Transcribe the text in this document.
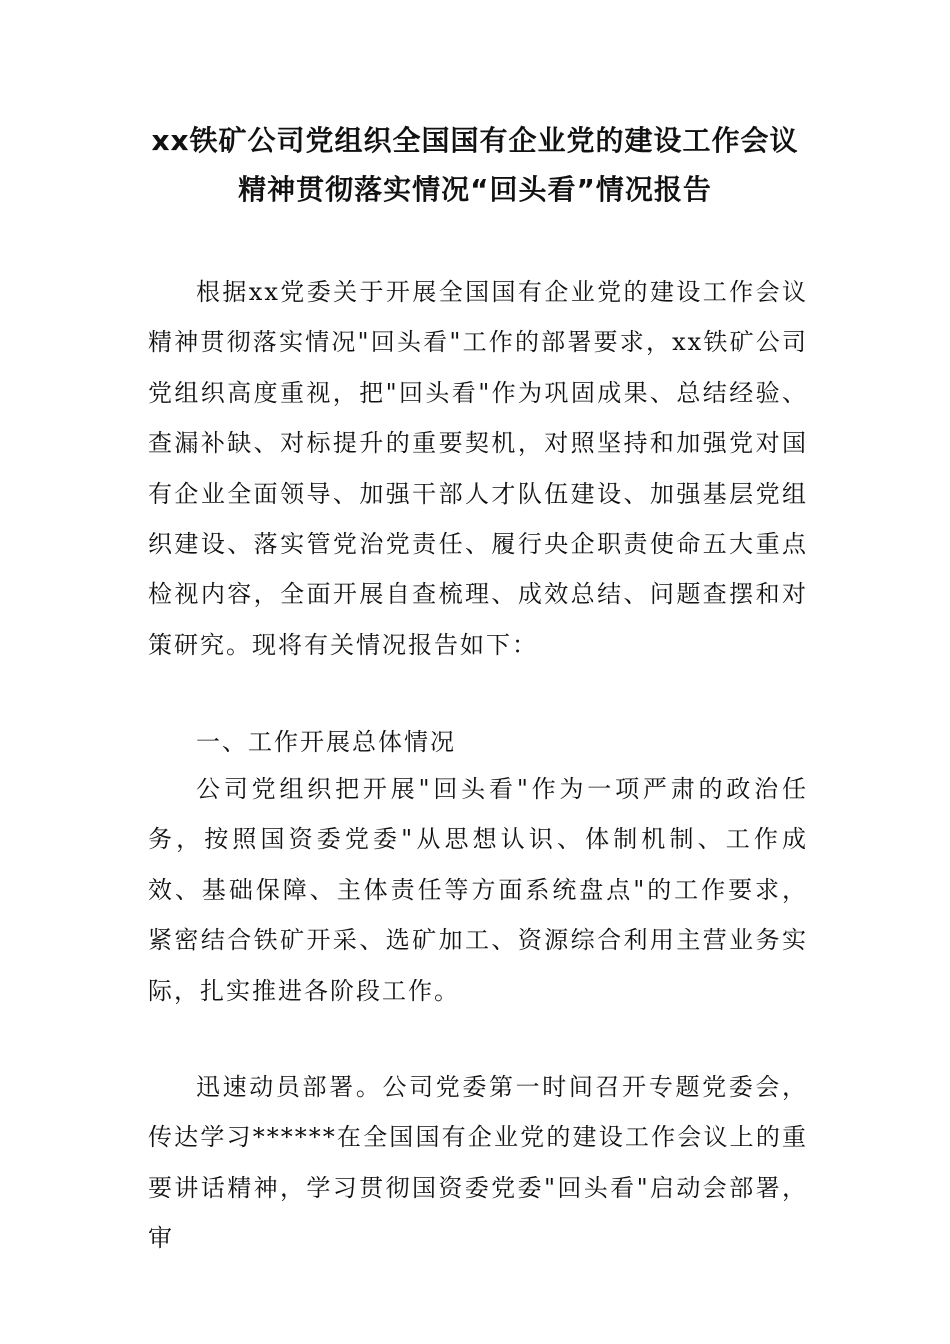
xx铁矿公司党组织全国国有企业党的建设工作会议
精神贯彻落实情况“回头看”情况报告

根据xx党委关于开展全国国有企业党的建设工作会议精神贯彻落实情况"回头看"工作的部署要求，xx铁矿公司党组织高度重视，把"回头看"作为巩固成果、总结经验、查漏补缺、对标提升的重要契机，对照坚持和加强党对国有企业全面领导、加强干部人才队伍建设、加强基层党组织建设、落实管党治党责任、履行央企职责使命五大重点检视内容，全面开展自查梳理、成效总结、问题查摆和对策研究。现将有关情况报告如下：

一、工作开展总体情况

公司党组织把开展"回头看"作为一项严肃的政治任务，按照国资委党委"从思想认识、体制机制、工作成效、基础保障、主体责任等方面系统盘点"的工作要求，紧密结合铁矿开采、选矿加工、资源综合利用主营业务实际，扎实推进各阶段工作。

迅速动员部署。公司党委第一时间召开专题党委会，传达学习******在全国国有企业党的建设工作会议上的重要讲话精神，学习贯彻国资委党委"回头看"启动会部署，审
